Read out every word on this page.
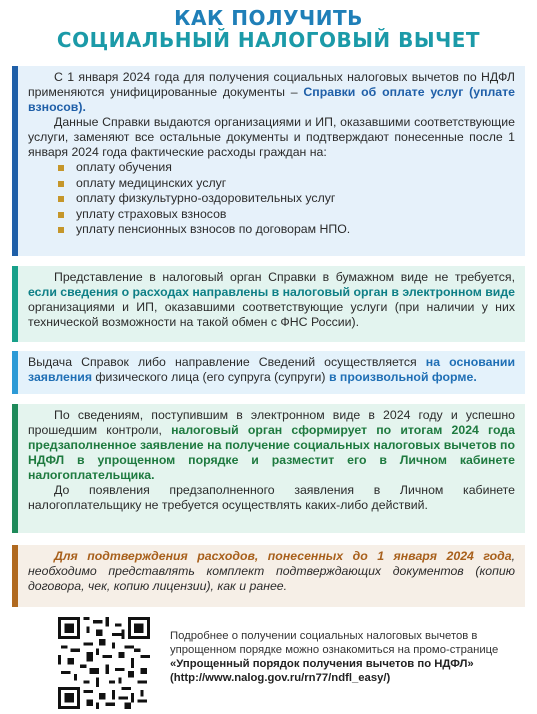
КАК ПОЛУЧИТЬ
СОЦИАЛЬНЫЙ НАЛОГОВЫЙ ВЫЧЕТ

С 1 января 2024 года для получения социальных налоговых вычетов по НДФЛ применяются унифицированные документы – Справки об оплате услуг (уплате взносов).

Данные Справки выдаются организациями и ИП, оказавшими соответствующие услуги, заменяют все остальные документы и подтверждают понесенные после 1 января 2024 года фактические расходы граждан на:

оплату обучения
оплату медицинских услуг
оплату физкультурно-оздоровительных услуг
уплату страховых взносов
уплату пенсионных взносов по договорам НПО.

Представление в налоговый орган Справки в бумажном виде не требуется, если сведения о расходах направлены в налоговый орган в электронном виде организациями и ИП, оказавшими соответствующие услуги (при наличии у них технической возможности на такой обмен с ФНС России).

Выдача Справок либо направление Сведений осуществляется на основании заявления физического лица (его супруга (супруги) в произвольной форме.

По сведениям, поступившим в электронном виде в 2024 году и успешно прошедшим контроли, налоговый орган сформирует по итогам 2024 года предзаполненное заявление на получение социальных налоговых вычетов по НДФЛ в упрощенном порядке и разместит его в Личном кабинете налогоплательщика.

До появления предзаполненного заявления в Личном кабинете налогоплательщику не требуется осуществлять каких-либо действий.

Для подтверждения расходов, понесенных до 1 января 2024 года, необходимо представлять комплект подтверждающих документов (копию договора, чек, копию лицензии), как и ранее.

Подробнее о получении социальных налоговых вычетов в упрощенном порядке можно ознакомиться на промо-странице «Упрощенный порядок получения вычетов по НДФЛ» (http://www.nalog.gov.ru/rn77/ndfl_easy/)
